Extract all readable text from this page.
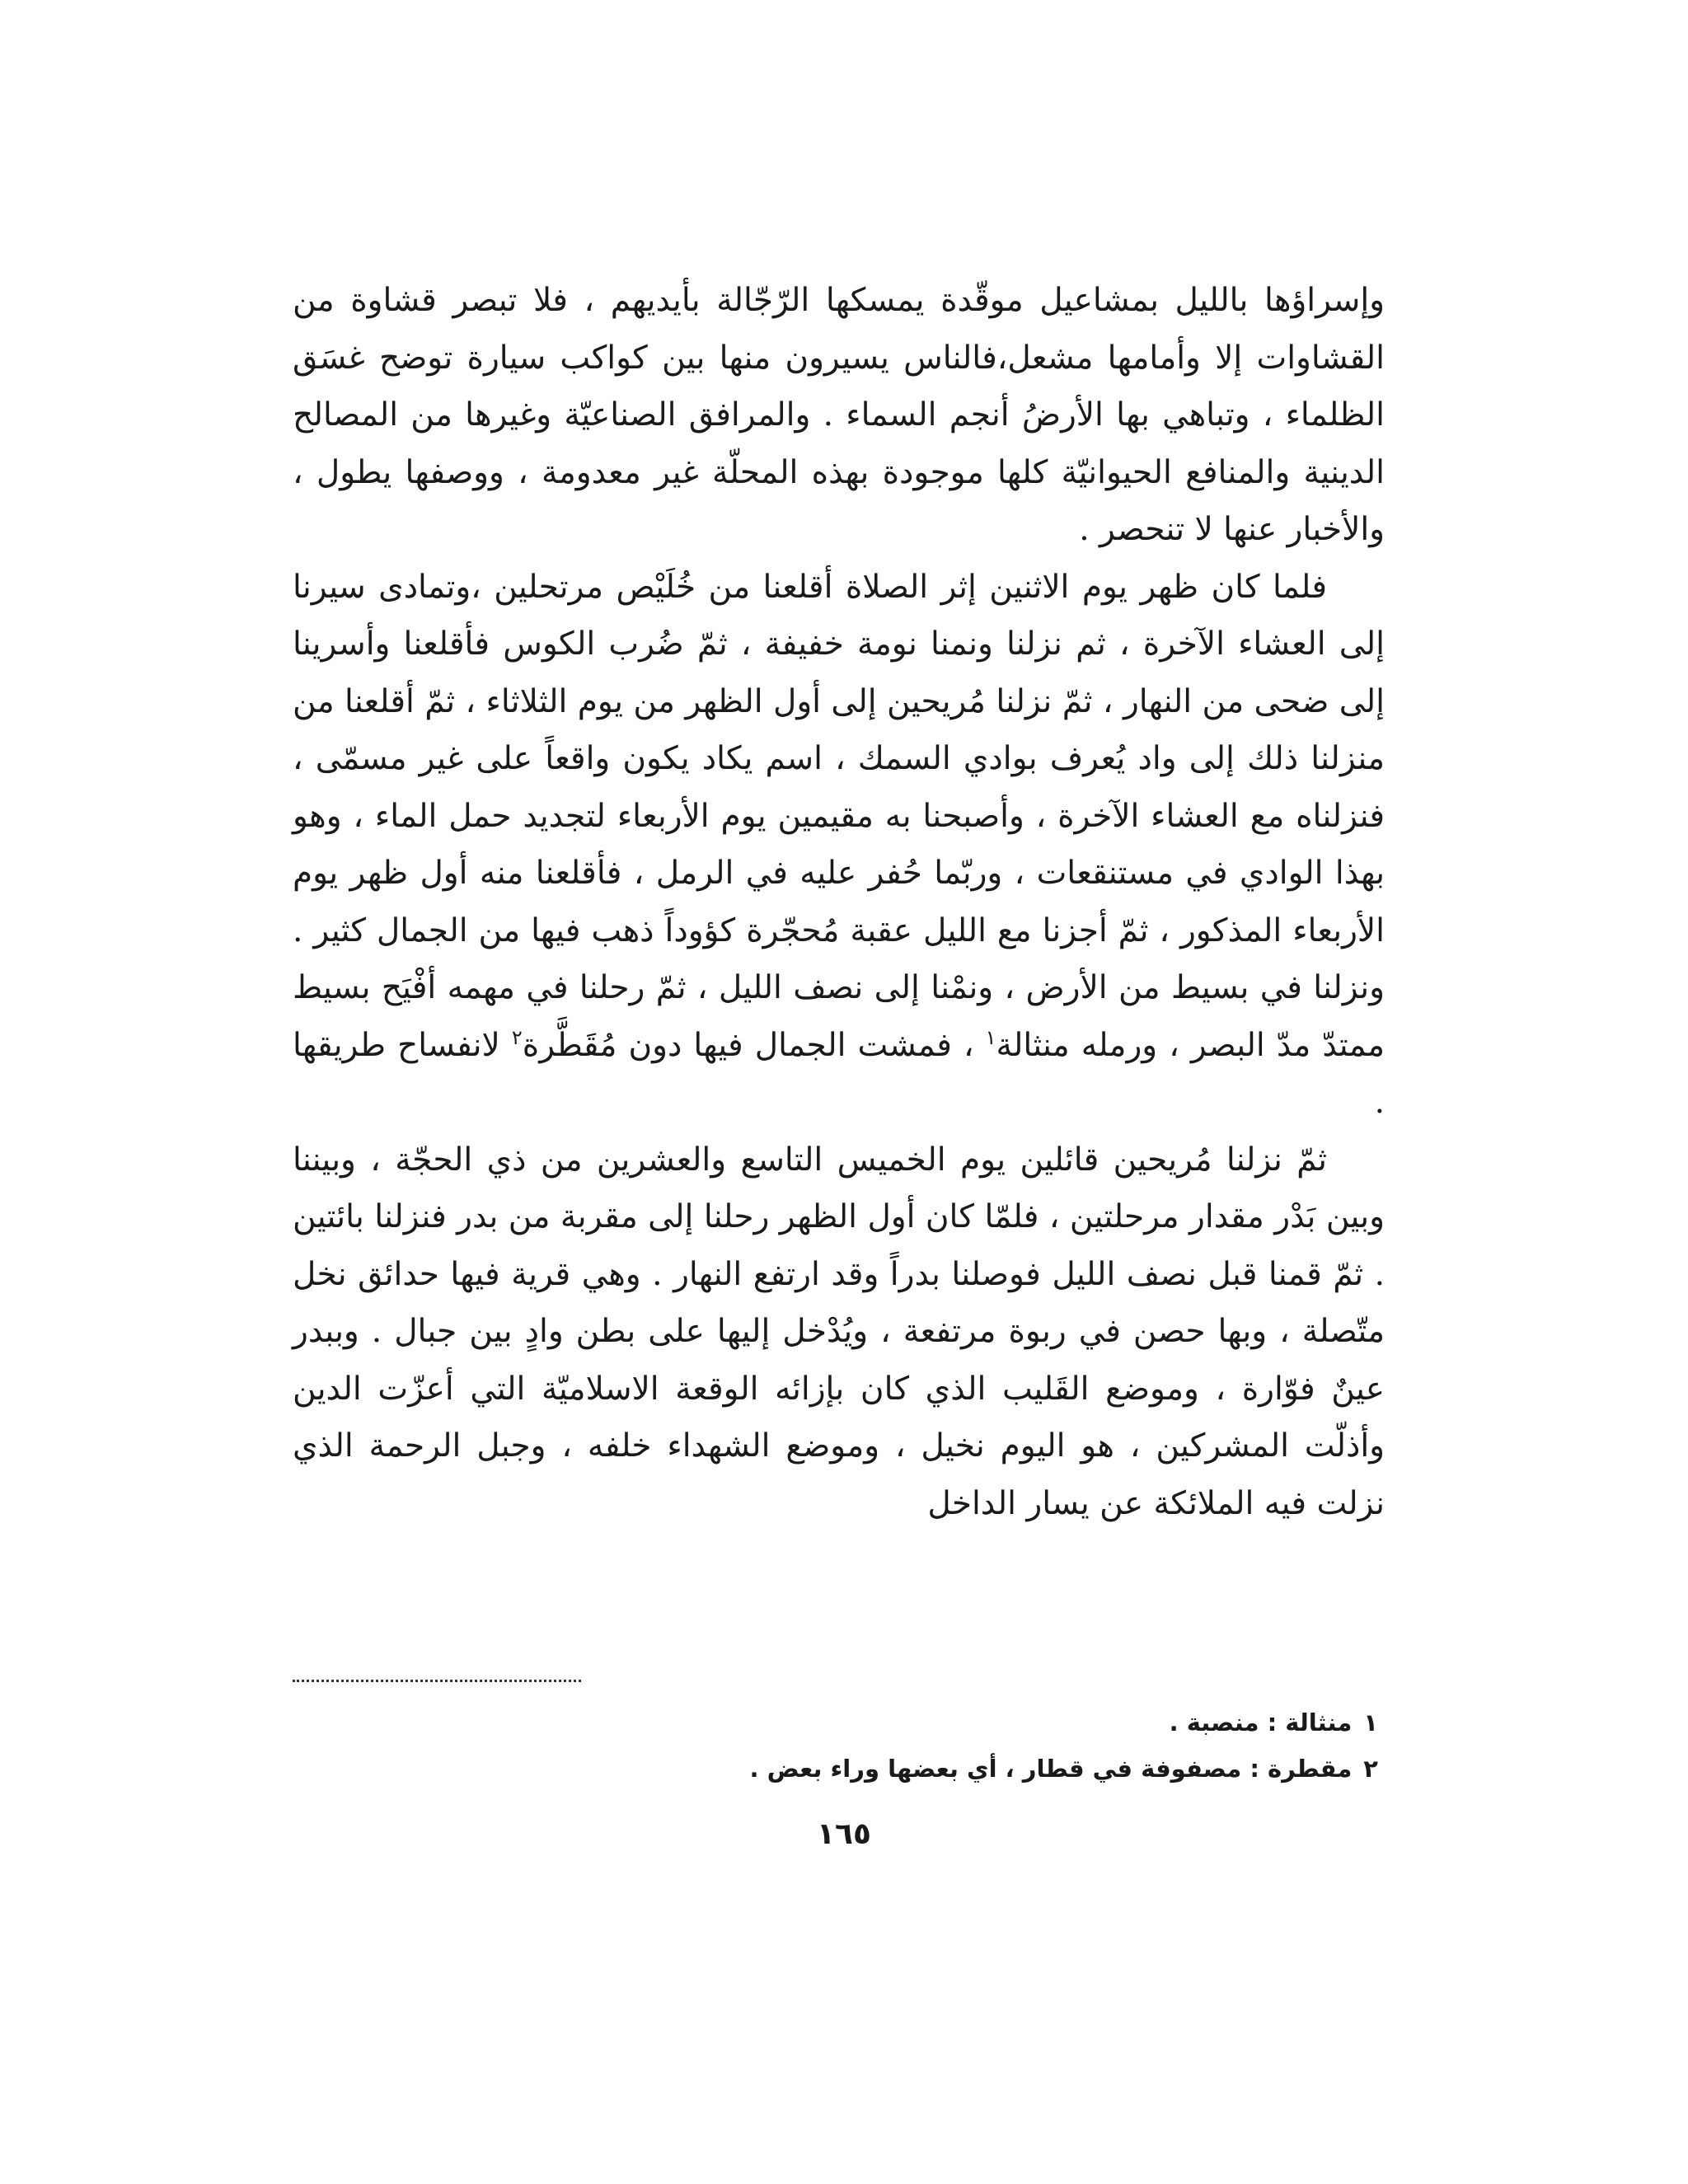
وإسراؤها بالليل بمشاعيل موقّدة يمسكها الرّجّالة بأيديهم ، فلا تبصر قشاوة من القشاوات إلا وأمامها مشعل،فالناس يسيرون منها بين كواكب سيارة توضح غسَق الظلماء ، وتباهي بها الأرضُ أنجم السماء . والمرافق الصناعيّة وغيرها من المصالح الدينية والمنافع الحيوانيّة كلها موجودة بهذه المحلّة غير معدومة ، ووصفها يطول ، والأخبار عنها لا تنحصر .

فلما كان ظهر يوم الاثنين إثر الصلاة أقلعنا من خُلَيْص مرتحلين ،وتمادى سيرنا إلى العشاء الآخرة ، ثم نزلنا ونمنا نومة خفيفة ، ثمّ ضُرب الكوس فأقلعنا وأسرينا إلى ضحى من النهار ، ثمّ نزلنا مُريحين إلى أول الظهر من يوم الثلاثاء ، ثمّ أقلعنا من منزلنا ذلك إلى واد يُعرف بوادي السمك ، اسم يكاد يكون واقعاً على غير مسمّى ، فنزلناه مع العشاء الآخرة ، وأصبحنا به مقيمين يوم الأربعاء لتجديد حمل الماء ، وهو بهذا الوادي في مستنقعات ، وربّما حُفر عليه في الرمل ، فأقلعنا منه أول ظهر يوم الأربعاء المذكور ، ثمّ أجزنا مع الليل عقبة مُحجّرة كؤوداً ذهب فيها من الجمال كثير . ونزلنا في بسيط من الأرض ، ونمْنا إلى نصف الليل ، ثمّ رحلنا في مهمه أفْيَح بسيط ممتدّ مدّ البصر ، ورمله منثالة$^١$ ، فمشت الجمال فيها دون مُقَطَّرة$^٢$ لانفساح طريقها .

ثمّ نزلنا مُريحين قائلين يوم الخميس التاسع والعشرين من ذي الحجّة ، وبيننا وبين بَدْر مقدار مرحلتين ، فلمّا كان أول الظهر رحلنا إلى مقربة من بدر فنزلنا بائتين . ثمّ قمنا قبل نصف الليل فوصلنا بدراً وقد ارتفع النهار . وهي قرية فيها حدائق نخل متّصلة ، وبها حصن في ربوة مرتفعة ، ويُدْخل إليها على بطن وادٍ بين جبال . وببدر عينٌ فوّارة ، وموضع القَليب الذي كان بإزائه الوقعة الاسلاميّة التي أعزّت الدين وأذلّت المشركين ، هو اليوم نخيل ، وموضع الشهداء خلفه ، وجبل الرحمة الذي نزلت فيه الملائكة عن يسار الداخل

١منثالة : منصبة .

٢مقطرة : مصفوفة في قطار ، أي بعضها وراء بعض .

١٦٥
